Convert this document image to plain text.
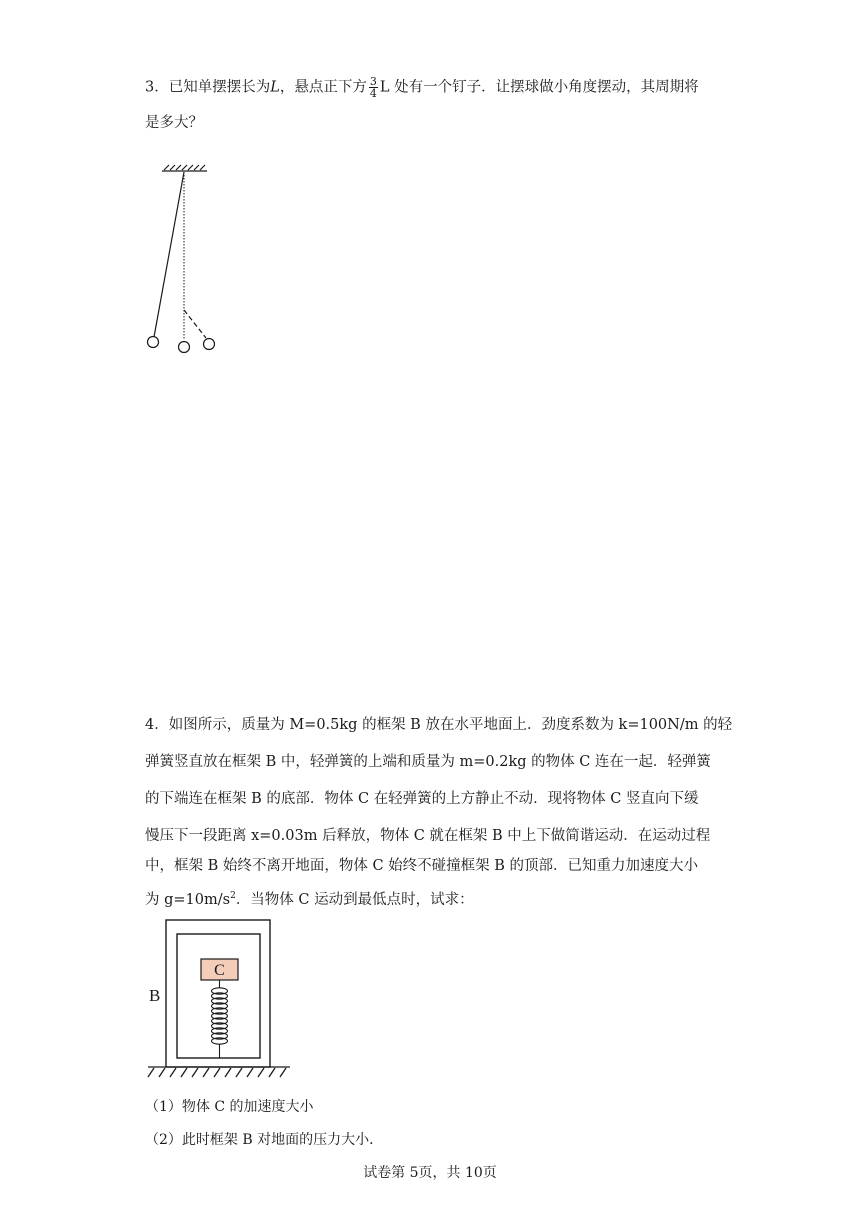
3．已知单摆摆长为L，悬点正下方 $\frac{3}{4}$ L 处有一个钉子．让摆球做小角度摆动，其周期将
是多大？
4．如图所示，质量为 M=0.5kg 的框架 B 放在水平地面上．劲度系数为 k=100N/m 的轻
弹簧竖直放在框架 B 中，轻弹簧的上端和质量为 m=0.2kg 的物体 C 连在一起．轻弹簧
的下端连在框架 B 的底部．物体 C 在轻弹簧的上方静止不动．现将物体 C 竖直向下缓
慢压下一段距离 x=0.03m 后释放，物体 C 就在框架 B 中上下做简谐运动．在运动过程
中，框架 B 始终不离开地面，物体 C 始终不碰撞框架 B 的顶部．已知重力加速度大小
为 $g=10m/s^2$．当物体 C 运动到最低点时，试求：
C
B
（1）物体 C 的加速度大小
（2）此时框架 B 对地面的压力大小．
试卷第 5页，共 10页
